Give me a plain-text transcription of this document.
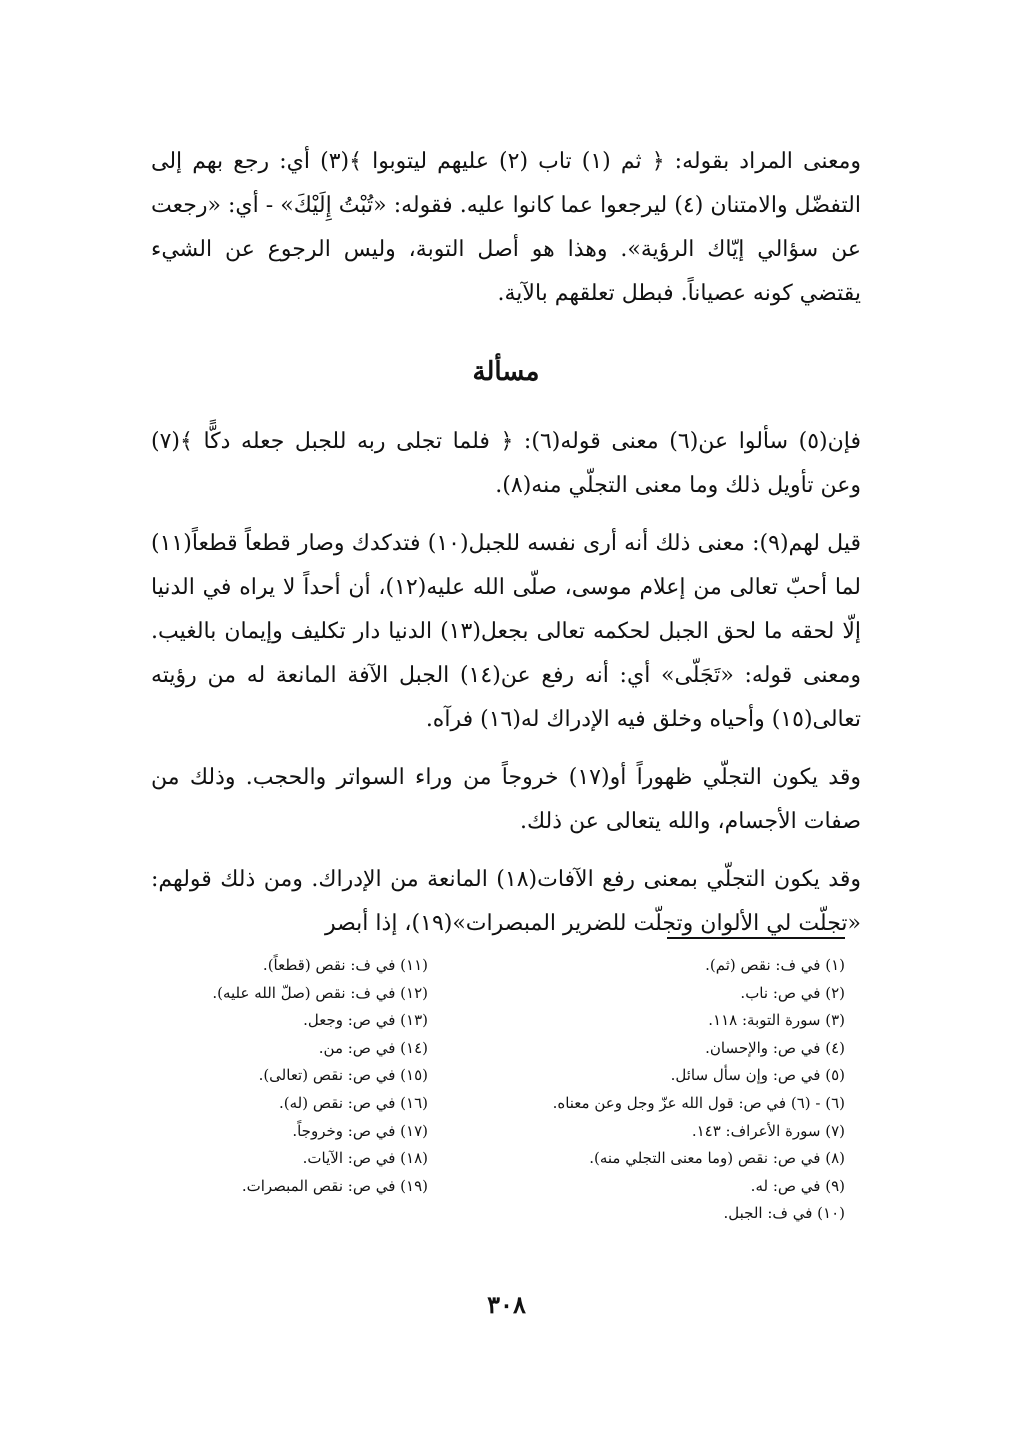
ومعنى المراد بقوله: ﴿ ثم (١) تاب (٢) عليهم ليتوبوا ﴾(٣) أي: رجع بهم إلى التفضّل والامتنان (٤) ليرجعوا عما كانوا عليه. فقوله: «تُبْتُ إِلَيْكَ» - أي: «رجعت عن سؤالي إيّاك الرؤية». وهذا هو أصل التوبة، وليس الرجوع عن الشيء يقتضي كونه عصياناً. فبطل تعلقهم بالآية.

مسألة

فإن(٥) سألوا عن(٦) معنى قوله(٦): ﴿ فلما تجلى ربه للجبل جعله دكًّا ﴾(٧) وعن تأويل ذلك وما معنى التجلّي منه(٨).

قيل لهم(٩): معنى ذلك أنه أرى نفسه للجبل(١٠) فتدكدك وصار قطعاً قطعاً(١١) لما أحبّ تعالى من إعلام موسى، صلّى الله عليه(١٢)، أن أحداً لا يراه في الدنيا إلّا لحقه ما لحق الجبل لحكمه تعالى بجعل(١٣) الدنيا دار تكليف وإيمان بالغيب. ومعنى قوله: «تَجَلّى» أي: أنه رفع عن(١٤) الجبل الآفة المانعة له من رؤيته تعالى(١٥) وأحياه وخلق فيه الإدراك له(١٦) فرآه.

وقد يكون التجلّي ظهوراً أو(١٧) خروجاً من وراء السواتر والحجب. وذلك من صفات الأجسام، والله يتعالى عن ذلك.

وقد يكون التجلّي بمعنى رفع الآفات(١٨) المانعة من الإدراك. ومن ذلك قولهم: «تجلّت لي الألوان وتجلّت للضرير المبصرات»(١٩)، إذا أبصر

(١) في ف: نقص (ثم).
(٢) في ص: ناب.
(٣) سورة التوبة: ١١٨.
(٤) في ص: والإحسان.
(٥) في ص: وإن سأل سائل.
(٦) - (٦) في ص: قول الله عزّ وجل وعن معناه.
(٧) سورة الأعراف: ١٤٣.
(٨) في ص: نقص (وما معنى التجلي منه).
(٩) في ص: له.
(١٠) في ف: الجبل.
(١١) في ف: نقص (قطعاً).
(١٢) في ف: نقص (صلّ الله عليه).
(١٣) في ص: وجعل.
(١٤) في ص: من.
(١٥) في ص: نقص (تعالى).
(١٦) في ص: نقص (له).
(١٧) في ص: وخروجاً.
(١٨) في ص: الآيات.
(١٩) في ص: نقص المبصرات.
٣٠٨
